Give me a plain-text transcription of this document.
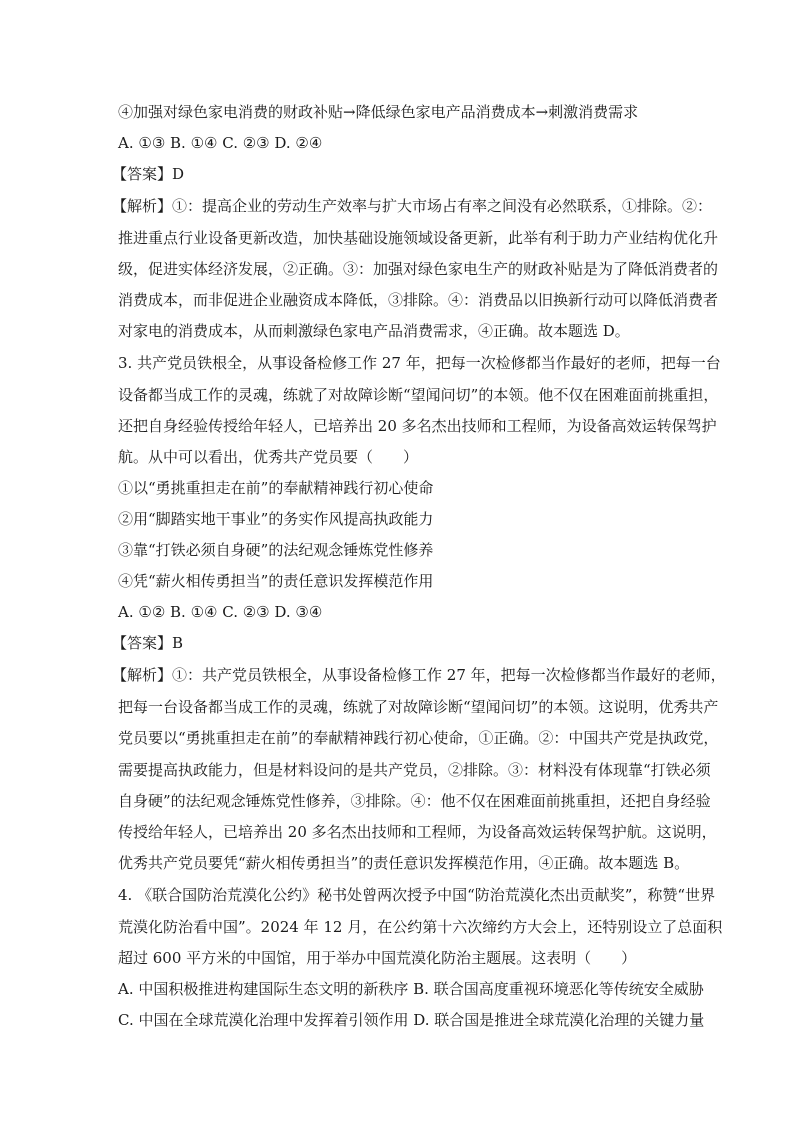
④加强对绿色家电消费的财政补贴→降低绿色家电产品消费成本→刺激消费需求
A. ①③ B. ①④ C. ②③ D. ②④
【答案】D
【解析】①：提高企业的劳动生产效率与扩大市场占有率之间没有必然联系，①排除。②：
推进重点行业设备更新改造，加快基础设施领域设备更新，此举有利于助力产业结构优化升
级，促进实体经济发展，②正确。③：加强对绿色家电生产的财政补贴是为了降低消费者的
消费成本，而非促进企业融资成本降低，③排除。④：消费品以旧换新行动可以降低消费者
对家电的消费成本，从而刺激绿色家电产品消费需求，④正确。故本题选 D。
3. 共产党员铁根全，从事设备检修工作 27 年，把每一次检修都当作最好的老师，把每一台
设备都当成工作的灵魂，练就了对故障诊断“望闻问切”的本领。他不仅在困难面前挑重担，
还把自身经验传授给年轻人，已培养出 20 多名杰出技师和工程师，为设备高效运转保驾护
航。从中可以看出，优秀共产党员要（　　）
①以“勇挑重担走在前”的奉献精神践行初心使命
②用“脚踏实地干事业”的务实作风提高执政能力
③靠“打铁必须自身硬”的法纪观念锤炼党性修养
④凭“薪火相传勇担当”的责任意识发挥模范作用
A. ①② B. ①④ C. ②③ D. ③④
【答案】B
【解析】①：共产党员铁根全，从事设备检修工作 27 年，把每一次检修都当作最好的老师，
把每一台设备都当成工作的灵魂，练就了对故障诊断“望闻问切”的本领。这说明，优秀共产
党员要以“勇挑重担走在前”的奉献精神践行初心使命，①正确。②：中国共产党是执政党，
需要提高执政能力，但是材料设问的是共产党员，②排除。③：材料没有体现靠“打铁必须
自身硬”的法纪观念锤炼党性修养，③排除。④：他不仅在困难面前挑重担，还把自身经验
传授给年轻人，已培养出 20 多名杰出技师和工程师，为设备高效运转保驾护航。这说明，
优秀共产党员要凭“薪火相传勇担当”的责任意识发挥模范作用，④正确。故本题选 B。
4. 《联合国防治荒漠化公约》秘书处曾两次授予中国“防治荒漠化杰出贡献奖”，称赞“世界
荒漠化防治看中国”。2024 年 12 月，在公约第十六次缔约方大会上，还特别设立了总面积
超过 600 平方米的中国馆，用于举办中国荒漠化防治主题展。这表明（　　）
A. 中国积极推进构建国际生态文明的新秩序 B. 联合国高度重视环境恶化等传统安全威胁
C. 中国在全球荒漠化治理中发挥着引领作用 D. 联合国是推进全球荒漠化治理的关键力量
